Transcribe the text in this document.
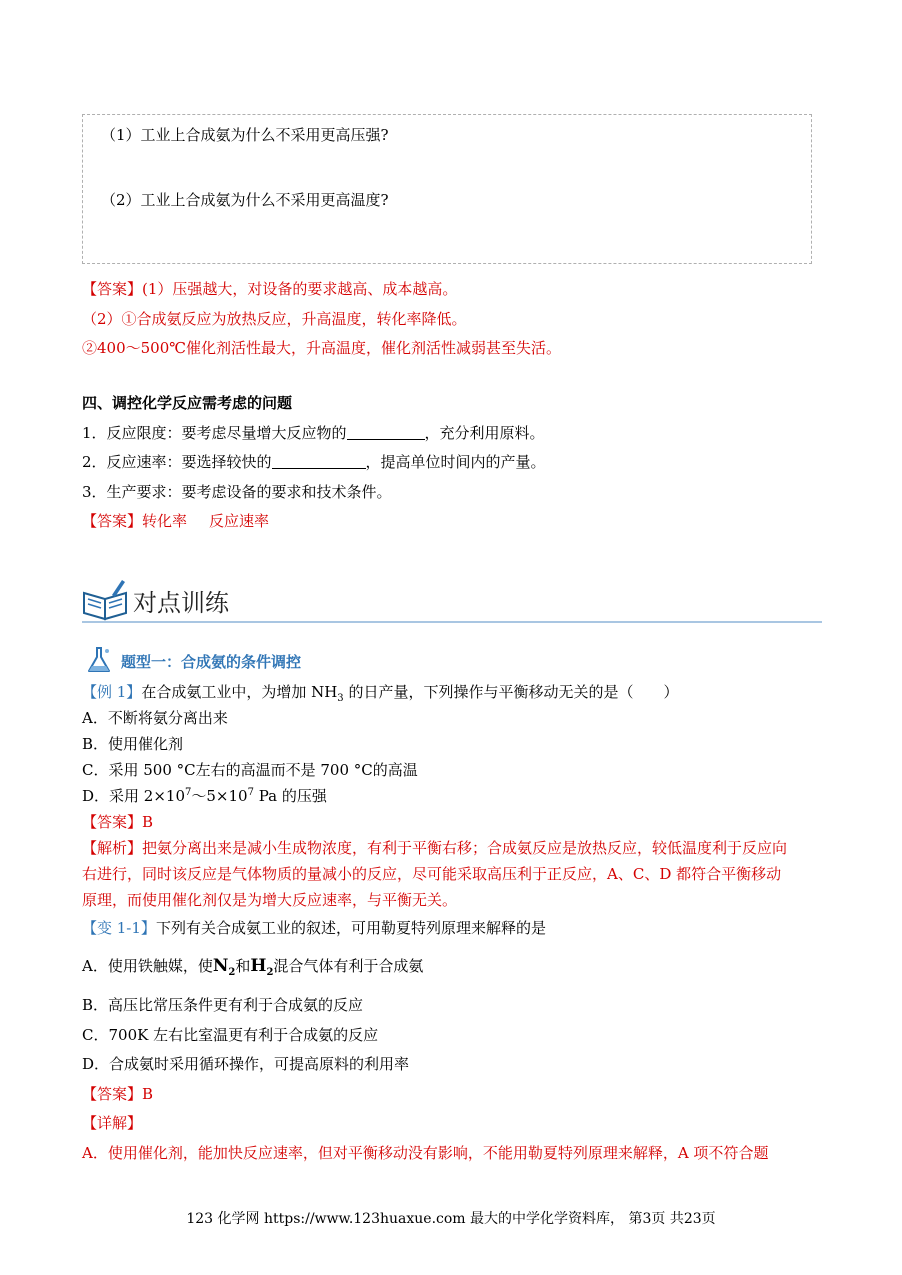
（1）工业上合成氨为什么不采用更高压强?
（2）工业上合成氨为什么不采用更高温度?
【答案】(1）压强越大，对设备的要求越高、成本越高。
（2）①合成氨反应为放热反应，升高温度，转化率降低。
②400～500℃催化剂活性最大，升高温度，催化剂活性减弱甚至失活。
四、调控化学反应需考虑的问题
1．反应限度：要考虑尽量增大反应物的	，充分利用原料。
2．反应速率：要选择较快的	，提高单位时间内的产量。
3．生产要求：要考虑设备的要求和技术条件。
【答案】转化率 反应速率
对点训练
题型一：合成氨的条件调控
【例 1】在合成氨工业中，为增加 $NH_3$ 的日产量，下列操作与平衡移动无关的是（　　）
A．不断将氨分离出来
B．使用催化剂
C．采用 500 °C左右的高温而不是 700 °C的高温
D．采用 $2\times 10^7\sim 5\times 10^7$ Pa 的压强
【答案】B
【解析】把氨分离出来是减小生成物浓度，有利于平衡右移；合成氨反应是放热反应，较低温度利于反应向
右进行，同时该反应是气体物质的量减小的反应，尽可能采取高压利于正反应，A、C、D 都符合平衡移动
原理，而使用催化剂仅是为增大反应速率，与平衡无关。
【变 1-1】下列有关合成氨工业的叙述，可用勒夏特列原理来解释的是
A．使用铁触媒，使$N_2$和$H_2$混合气体有利于合成氨
B．高压比常压条件更有利于合成氨的反应
C．700K 左右比室温更有利于合成氨的反应
D．合成氨时采用循环操作，可提高原料的利用率
【答案】B
【详解】
A．使用催化剂，能加快反应速率，但对平衡移动没有影响，不能用勒夏特列原理来解释，A 项不符合题
123 化学网 https://www.123huaxue.com 最大的中学化学资料库， 第3页 共23页
